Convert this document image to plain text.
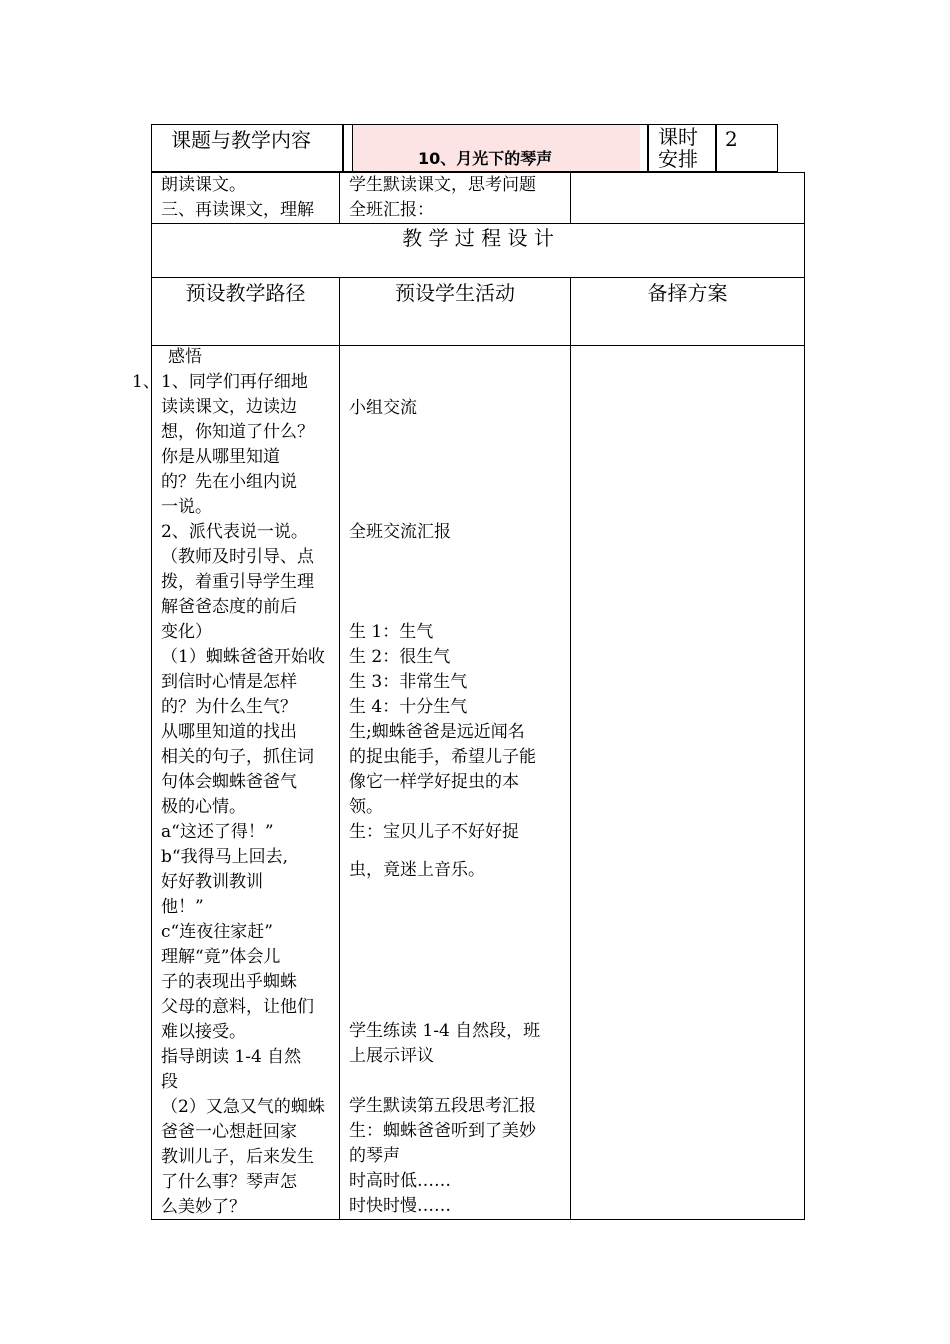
课题与教学内容
10、月光下的琴声
课时
安排
2
朗读课文。
三、再读课文，理解
学生默读课文，思考问题
全班汇报：
教 学 过 程 设 计
预设教学路径	预设学生活动	备择方案
1、
感悟
1、同学们再仔细地
读读课文，边读边
想，你知道了什么？
你是从哪里知道
的？先在小组内说
一说。
2、派代表说一说。
（教师及时引导、点
拨，着重引导学生理
解爸爸态度的前后
变化）
（1）蜘蛛爸爸开始收
到信时心情是怎样
的？为什么生气？
从哪里知道的找出
相关的句子，抓住词
句体会蜘蛛爸爸气
极的心情。
a“这还了得！”
b“我得马上回去,
好好教训教训
他！”
c“连夜往家赶”
理解“竟”体会儿
子的表现出乎蜘蛛
父母的意料，让他们
难以接受。
指导朗读 1-4 自然
段
（2）又急又气的蜘蛛
爸爸一心想赶回家
教训儿子，后来发生
了什么事？琴声怎
么美妙了？
小组交流
全班交流汇报
生 1：生气
生 2：很生气
生 3：非常生气
生 4：十分生气
生;蜘蛛爸爸是远近闻名
的捉虫能手，希望儿子能
像它一样学好捉虫的本
领。
生：宝贝儿子不好好捉
虫，竟迷上音乐。
学生练读 1-4 自然段，班
上展示评议
学生默读第五段思考汇报
生：蜘蛛爸爸听到了美妙
的琴声
时高时低……
时快时慢……
